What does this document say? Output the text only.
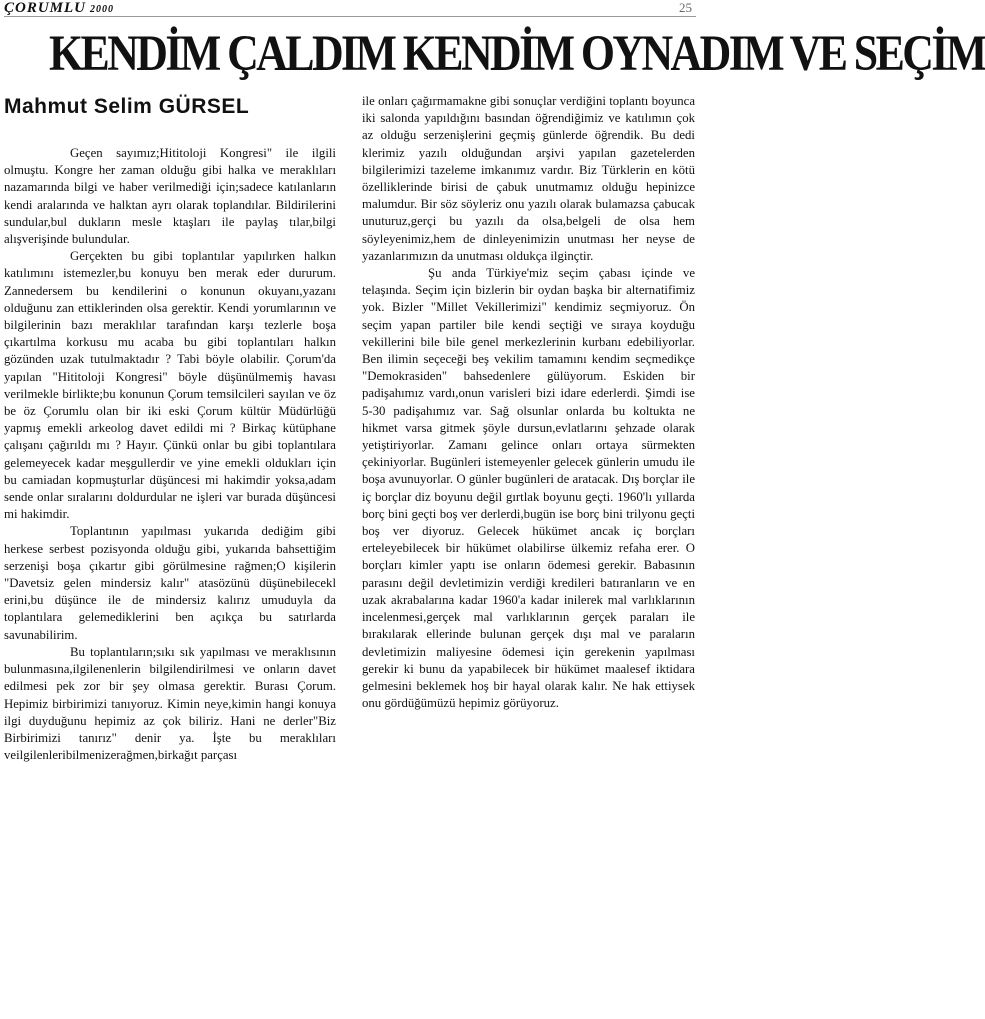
ÇORUMLU 2000	25
KENDİM ÇALDIM KENDİM OYNADIM VE SEÇİM
Mahmut Selim GÜRSEL

Geçen sayımız;Hititoloji Kongresi" ile ilgili olmuştu. Kongre her zaman olduğu gibi halka ve meraklıları nazamarında bilgi ve haber verilmediği için;sadece katılanların kendi aralarında ve halktan ayrı olarak toplandılar. Bildirilerini sundular,bul dukların mesle ktaşları ile paylaş tılar,bilgi alışverişinde bulundular.

Gerçekten bu gibi toplantılar yapılırken halkın katılımını istemezler,bu konuyu ben merak eder dururum. Zannedersem bu kendilerini o konunun okuyanı,yazanı olduğunu zan ettiklerinden olsa gerektir. Kendi yorumlarının ve bilgilerinin bazı meraklılar tarafından karşı tezlerle boşa çıkartılma korkusu mu acaba bu gibi toplantıları halkın gözünden uzak tutulmaktadır ? Tabi böyle olabilir. Çorum'da yapılan "Hititoloji Kongresi" böyle düşünülmemiş havası verilmekle birlikte;bu konunun Çorum temsilcileri sayılan ve öz be öz Çorumlu olan bir iki eski Çorum kültür Müdürlüğü yapmış emekli arkeolog davet edildi mi ? Birkaç kütüphane çalışanı çağırıldı mı ? Hayır. Çünkü onlar bu gibi toplantılara gelemeyecek kadar meşgullerdir ve yine emekli oldukları için bu camiadan kopmuşturlar düşüncesi mi hakimdir yoksa,adam sende onlar sıralarını doldurdular ne işleri var burada düşüncesi mi hakimdir.

Toplantının yapılması yukarıda dediğim gibi herkese serbest pozisyonda olduğu gibi, yukarıda bahsettiğim serzenişi boşa çıkartır gibi görülmesine rağmen;O kişilerin "Davetsiz gelen mindersiz kalır" atasözünü düşünebilecekl erini,bu düşünce ile de mindersiz kalırız umuduyla da toplantılara gelemediklerini ben açıkça bu satırlarda savunabilirim.

Bu toplantıların;sıkı sık yapılması ve meraklısının bulunmasına,ilgilenenlerin bilgilendirilmesi ve onların davet edilmesi pek zor bir şey olmasa gerektir. Burası Çorum. Hepimiz birbirimizi tanıyoruz. Kimin neye,kimin hangi konuya ilgi duyduğunu hepimiz az çok biliriz. Hani ne derler"Biz Birbirimizi tanırız" denir ya. İşte bu meraklıları veilgilenleribilmenizerağmen,birkağıt parçası

ile onları çağırmamakne gibi sonuçlar verdiğini toplantı boyunca iki salonda yapıldığını basından öğrendiğimiz ve katılımın çok az olduğu serzenişlerini geçmiş günlerde öğrendik. Bu dedi klerimiz yazılı olduğundan arşivi yapılan gazetelerden bilgilerimizi tazeleme imkanımız vardır. Biz Türklerin en kötü özelliklerinde birisi de çabuk unutmamız olduğu hepinizce malumdur. Bir söz söyleriz onu yazılı olarak bulamazsa çabucak unuturuz,gerçi bu yazılı da olsa,belgeli de olsa hem söyleyenimiz,hem de dinleyenimizin unutması her neyse de yazanlarımızın da unutması oldukça ilginçtir.

Şu anda Türkiye'miz seçim çabası içinde ve telaşında. Seçim için bizlerin bir oydan başka bir alternatifimiz yok. Bizler "Millet Vekillerimizi" kendimiz seçmiyoruz. Ön seçim yapan partiler bile kendi seçtiği ve sıraya koyduğu vekillerini bile bile genel merkezlerinin kurbanı edebiliyorlar. Ben ilimin seçeceği beş vekilim tamamını kendim seçmedikçe "Demokrasiden" bahsedenlere gülüyorum. Eskiden bir padişahımız vardı,onun varisleri bizi idare ederlerdi. Şimdi ise 5-30 padişahımız var. Sağ olsunlar onlarda bu koltukta ne hikmet varsa gitmek şöyle dursun,evlatlarını şehzade olarak yetiştiriyorlar. Zamanı gelince onları ortaya sürmekten çekiniyorlar. Bugünleri istemeyenler gelecek günlerin umudu ile boşa avunuyorlar. O günler bugünleri de aratacak. Dış borçlar ile iç borçlar diz boyunu değil gırtlak boyunu geçti. 1960'lı yıllarda borç bini geçti boş ver derlerdi,bugün ise borç bini trilyonu geçti boş ver diyoruz. Gelecek hükümet ancak iç borçları erteleyebilecek bir hükümet olabilirse ülkemiz refaha erer. O borçları kimler yaptı ise onların ödemesi gerekir. Babasının parasını değil devletimizin verdiği kredileri batıranların ve en uzak akrabalarına kadar 1960'a kadar inilerek mal varlıklarının incelenmesi,gerçek mal varlıklarının gerçek paraları ile bırakılarak ellerinde bulunan gerçek dışı mal ve paraların devletimizin maliyesine ödemesi için gerekenin yapılması gerekir ki bunu da yapabilecek bir hükümet maalesef iktidara gelmesini beklemek hoş bir hayal olarak kalır. Ne hak ettiysek onu gördüğümüzü hepimiz görüyoruz.
